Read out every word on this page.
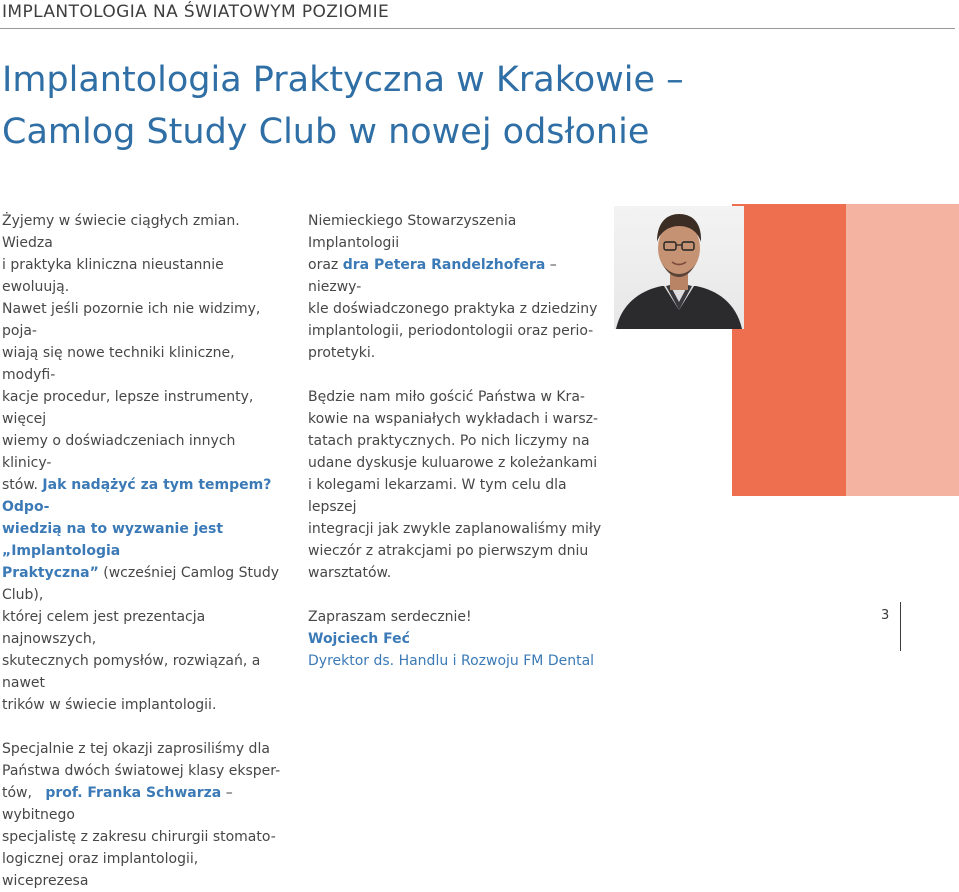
IMPLANTOLOGIA NA ŚWIATOWYM POZIOMIE
Implantologia Praktyczna w Krakowie –
Camlog Study Club w nowej odsłonie

Żyjemy w świecie ciągłych zmian. Wiedza
i praktyka kliniczna nieustannie ewoluują.
Nawet jeśli pozornie ich nie widzimy, poja-
wiają się nowe techniki kliniczne, modyfi-
kacje procedur, lepsze instrumenty, więcej
wiemy o doświadczeniach innych klinicy-
stów. Jak nadążyć za tym tempem? Odpo-
wiedzią na to wyzwanie jest „Implantologia
Praktyczna” (wcześniej Camlog Study Club),
której celem jest prezentacja najnowszych,
skutecznych pomysłów, rozwiązań, a nawet
trików w świecie implantologii.

Specjalnie z tej okazji zaprosiliśmy dla
Państwa dwóch światowej klasy eksper-
tów, prof. Franka Schwarza – wybitnego
specjalistę z zakresu chirurgii stomato-
logicznej oraz implantologii, wiceprezesa

Niemieckiego Stowarzyszenia Implantologii
oraz dra Petera Randelzhofera – niezwy-
kle doświadczonego praktyka z dziedziny
implantologii, periodontologii oraz perio-
protetyki.

Będzie nam miło gościć Państwa w Kra-
kowie na wspaniałych wykładach i warsz-
tatach praktycznych. Po nich liczymy na
udane dyskusje kuluarowe z koleżankami
i kolegami lekarzami. W tym celu dla lepszej
integracji jak zwykle zaplanowaliśmy miły
wieczór z atrakcjami po pierwszym dniu
warsztatów.

Zapraszam serdecznie!
Wojciech Feć
Dyrektor ds. Handlu i Rozwoju FM Dental

3
